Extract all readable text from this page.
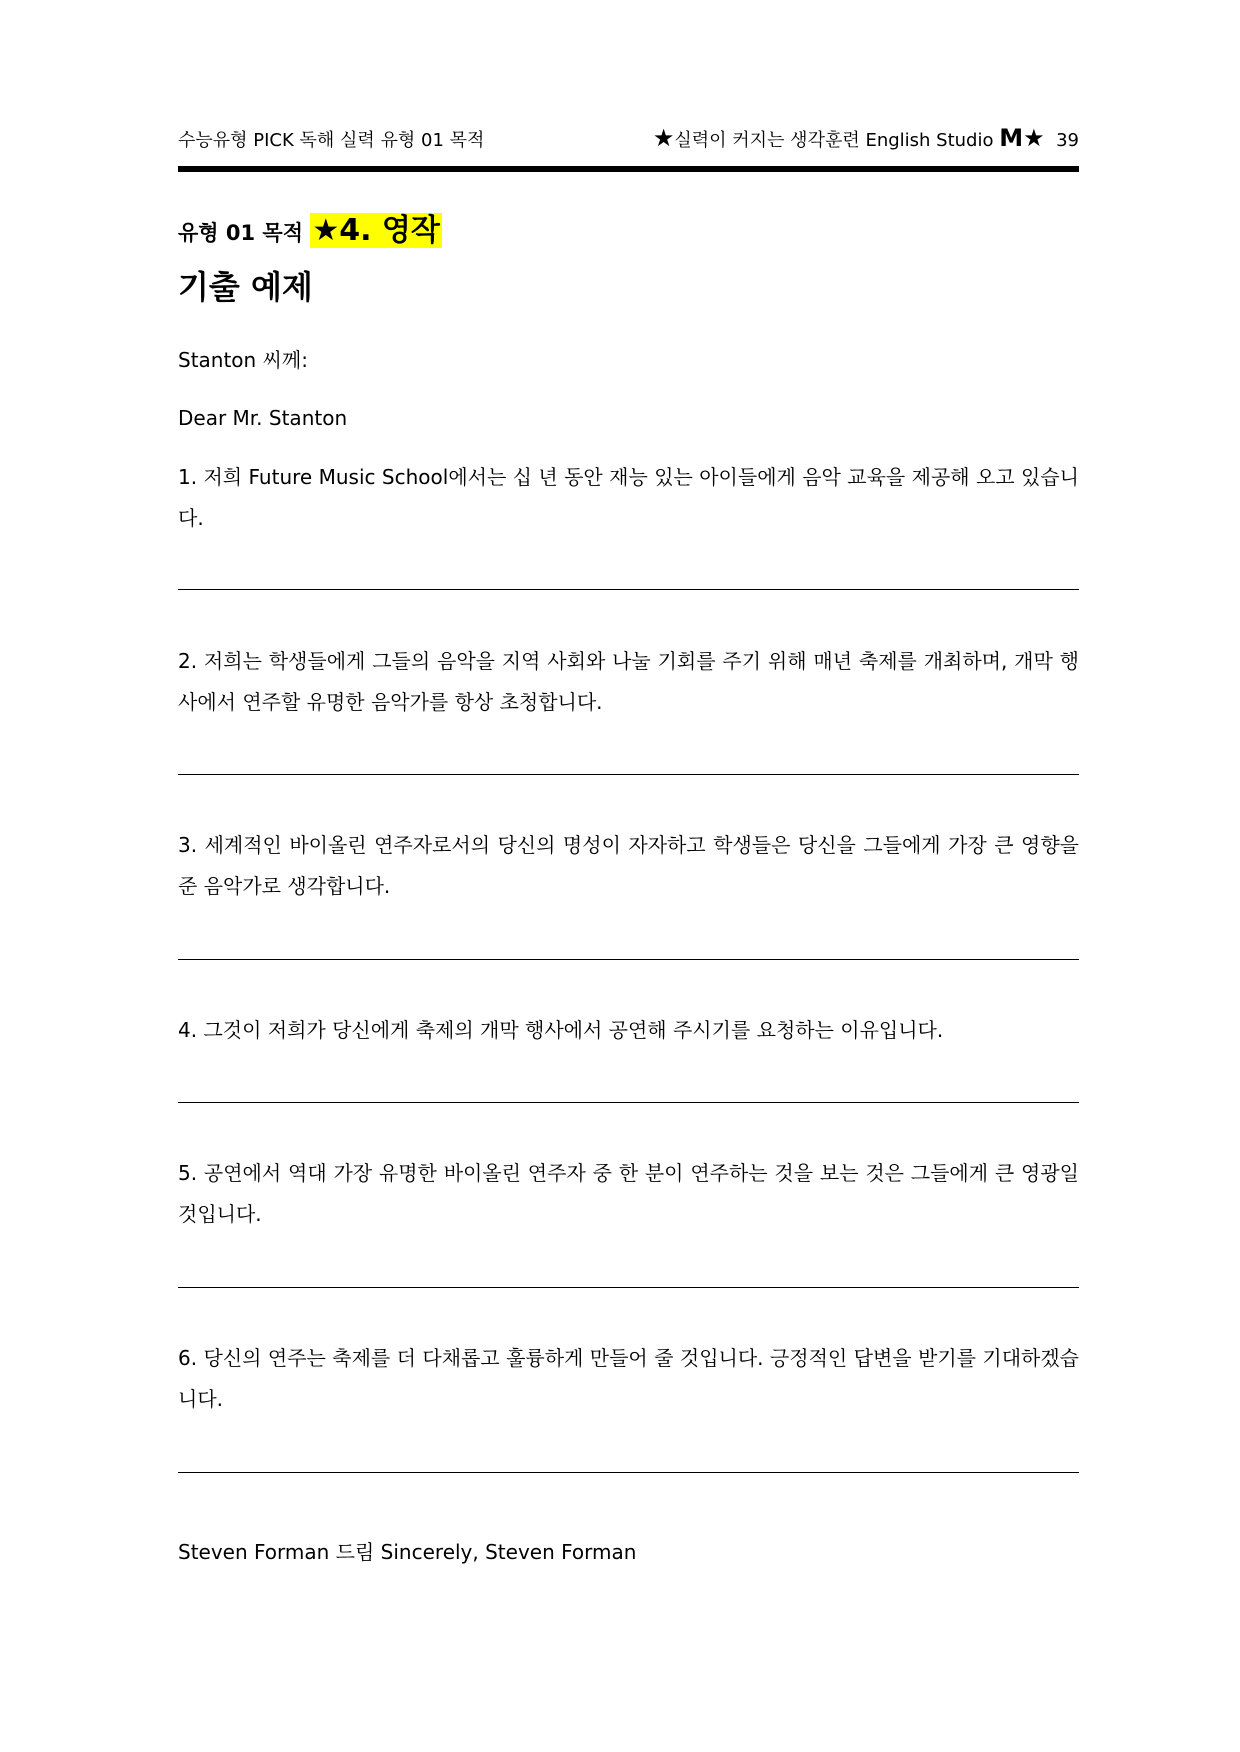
수능유형 PICK 독해 실력 유형 01 목적	★실력이 커지는 생각훈련 English Studio M★ 39
유형 01 목적 ★4. 영작
기출 예제
Stanton 씨께:
Dear Mr. Stanton
1. 저희 Future Music School에서는 십 년 동안 재능 있는 아이들에게 음악 교육을 제공해 오고 있습니다.
2. 저희는 학생들에게 그들의 음악을 지역 사회와 나눌 기회를 주기 위해 매년 축제를 개최하며, 개막 행사에서 연주할 유명한 음악가를 항상 초청합니다.
3. 세계적인 바이올린 연주자로서의 당신의 명성이 자자하고 학생들은 당신을 그들에게 가장 큰 영향을 준 음악가로 생각합니다.
4. 그것이 저희가 당신에게 축제의 개막 행사에서 공연해 주시기를 요청하는 이유입니다.
5. 공연에서 역대 가장 유명한 바이올린 연주자 중 한 분이 연주하는 것을 보는 것은 그들에게 큰 영광일 것입니다.
6. 당신의 연주는 축제를 더 다채롭고 훌륭하게 만들어 줄 것입니다. 긍정적인 답변을 받기를 기대하겠습니다.
Steven Forman 드림 Sincerely, Steven Forman
